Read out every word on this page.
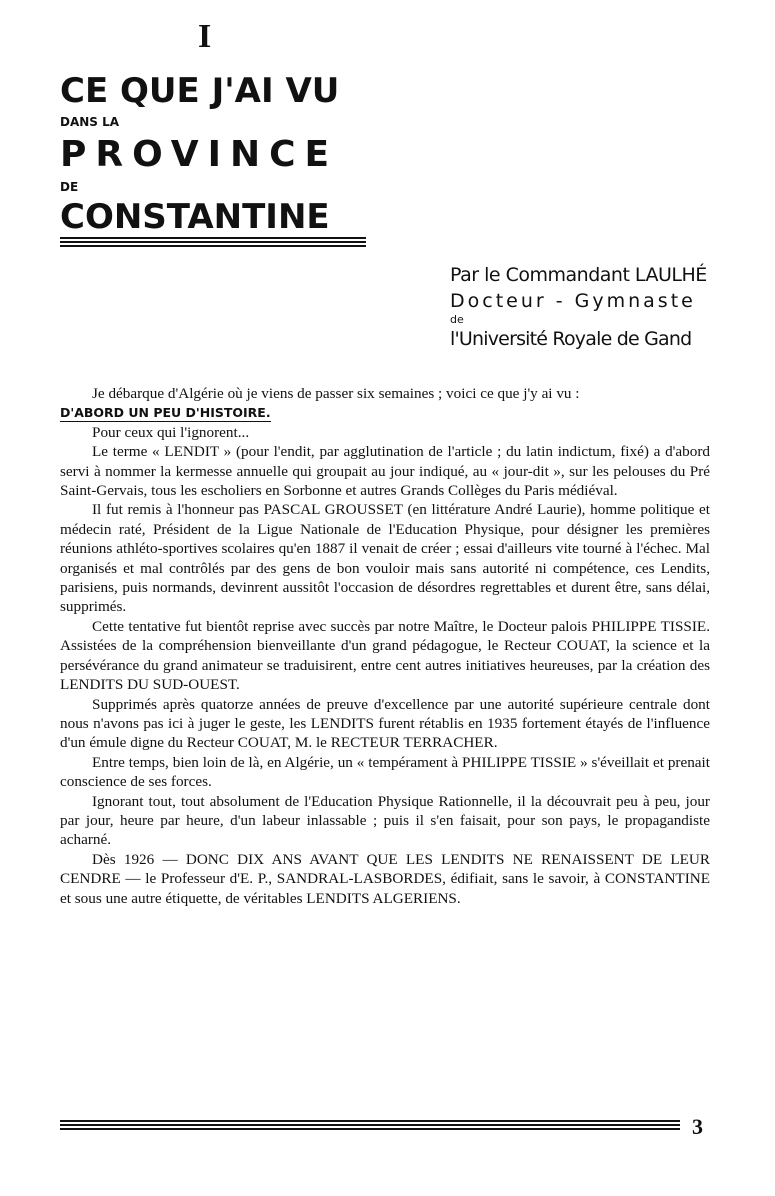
I
CE QUE J'AI VU
DANS LA
PROVINCE
DE
CONSTANTINE
Par le Commandant LAULHÉ
Docteur - Gymnaste
de
l'Université Royale de Gand

Je débarque d'Algérie où je viens de passer six semaines ; voici ce que j'y ai vu :

D'ABORD UN PEU D'HISTOIRE.

Pour ceux qui l'ignorent...

Le terme « LENDIT » (pour l'endit, par agglutination de l'article ; du latin indictum, fixé) a d'abord servi à nommer la kermesse annuelle qui groupait au jour indiqué, au « jour-dit », sur les pelouses du Pré Saint-Gervais, tous les escholiers en Sorbonne et autres Grands Collèges du Paris médiéval.

Il fut remis à l'honneur pas PASCAL GROUSSET (en littérature André Laurie), homme politique et médecin raté, Président de la Ligue Nationale de l'Education Physique, pour désigner les premières réunions athléto-sportives scolaires qu'en 1887 il venait de créer ; essai d'ailleurs vite tourné à l'échec. Mal organisés et mal contrôlés par des gens de bon vouloir mais sans autorité ni compétence, ces Lendits, parisiens, puis normands, devinrent aussitôt l'occasion de désordres regrettables et durent être, sans délai, supprimés.

Cette tentative fut bientôt reprise avec succès par notre Maître, le Docteur palois PHILIPPE TISSIE. Assistées de la compréhension bienveillante d'un grand pédagogue, le Recteur COUAT, la science et la persévérance du grand animateur se traduisirent, entre cent autres initiatives heureuses, par la création des LENDITS DU SUD-OUEST.

Supprimés après quatorze années de preuve d'excellence par une autorité supérieure centrale dont nous n'avons pas ici à juger le geste, les LENDITS furent rétablis en 1935 fortement étayés de l'influence d'un émule digne du Recteur COUAT, M. le RECTEUR TERRACHER.

Entre temps, bien loin de là, en Algérie, un « tempérament à PHILIPPE TISSIE » s'éveillait et prenait conscience de ses forces.

Ignorant tout, tout absolument de l'Education Physique Rationnelle, il la découvrait peu à peu, jour par jour, heure par heure, d'un labeur inlassable ; puis il s'en faisait, pour son pays, le propagandiste acharné.

Dès 1926 — DONC DIX ANS AVANT QUE LES LENDITS NE RENAISSENT DE LEUR CENDRE — le Professeur d'E. P., SANDRAL-LASBORDES, édifiait, sans le savoir, à CONSTANTINE et sous une autre étiquette, de véritables LENDITS ALGERIENS.

3
